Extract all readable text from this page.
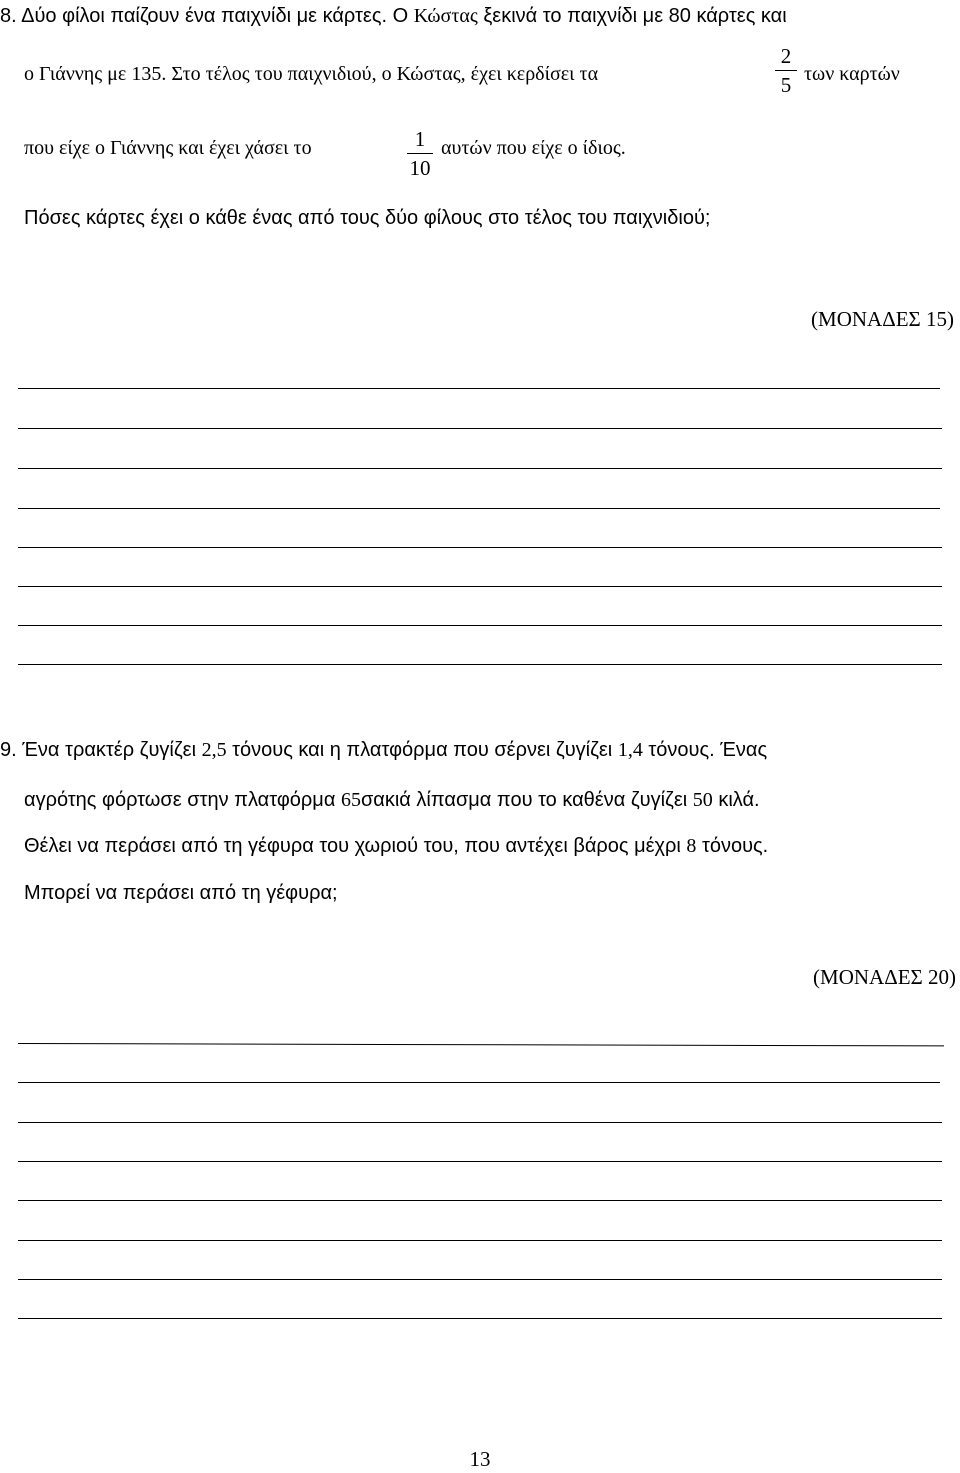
8. Δύο φίλοι παίζουν ένα παιχνίδι με κάρτες. Ο Κώστας ξεκινά το παιχνίδι με 80 κάρτες και
ο Γιάννης με 135. Στο τέλος του παιχνιδιού, ο Κώστας, έχει κερδίσει τα
2
5 των καρτών
που είχε ο Γιάννης και έχει χάσει το	1
10
αυτών που είχε ο ίδιος.
Πόσες κάρτες έχει ο κάθε ένας από τους δύο φίλους στο τέλος του παιχνιδιού;
(ΜΟΝΑΔΕΣ 15)
9. Ένα τρακτέρ ζυγίζει 2,5 τόνους και η πλατφόρμα που σέρνει ζυγίζει 1,4 τόνους. Ένας
αγρότης φόρτωσε στην πλατφόρμα 65σακιά λίπασμα που το καθένα ζυγίζει 50 κιλά.
Θέλει να περάσει από τη γέφυρα του χωριού του, που αντέχει βάρος μέχρι 8 τόνους.
Μπορεί να περάσει από τη γέφυρα;
(ΜΟΝΑΔΕΣ 20)
13
